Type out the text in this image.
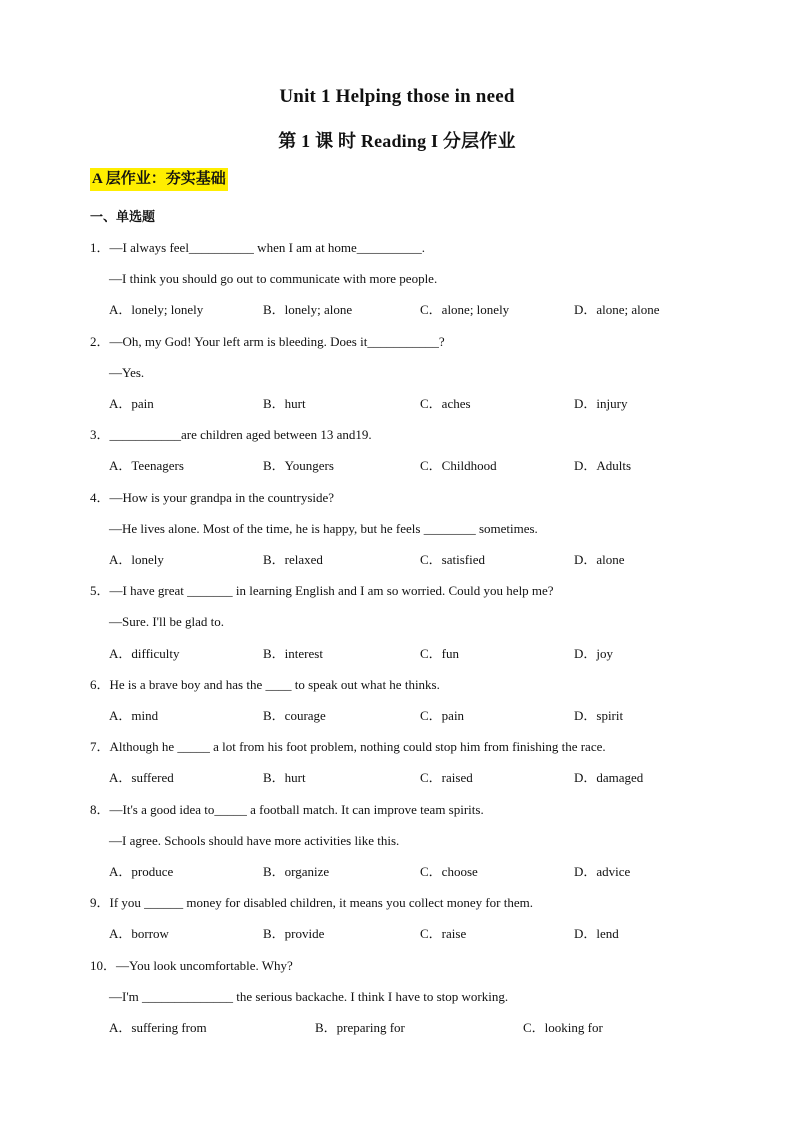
Unit 1 Helping those in need
第 1 课 时 Reading I 分层作业
A 层作业：夯实基础
一、单选题
1．—I always feel__________ when I am at home__________.
—I think you should go out to communicate with more people.
A．lonely; lonely	B．lonely; alone	C．alone; lonely	D．alone; alone
2．—Oh, my God! Your left arm is bleeding. Does it___________?
—Yes.
A．pain	B．hurt	C．aches	D．injury
3．___________are children aged between 13 and19.
A．Teenagers	B．Youngers	C．Childhood	D．Adults
4．—How is your grandpa in the countryside?
—He lives alone. Most of the time, he is happy, but he feels ________ sometimes.
A．lonely	B．relaxed	C．satisfied	D．alone
5．—I have great _______ in learning English and I am so worried. Could you help me?
—Sure. I'll be glad to.
A．difficulty	B．interest	C．fun	D．joy
6．He is a brave boy and has the ____ to speak out what he thinks.
A．mind	B．courage	C．pain	D．spirit
7．Although he _____ a lot from his foot problem, nothing could stop him from finishing the race.
A．suffered	B．hurt	C．raised	D．damaged
8．—It's a good idea to_____ a football match. It can improve team spirits.
—I agree. Schools should have more activities like this.
A．produce	B．organize	C．choose	D．advice
9．If you ______ money for disabled children, it means you collect money for them.
A．borrow	B．provide	C．raise	D．lend
10．—You look uncomfortable. Why?
—I'm ______________ the serious backache. I think I have to stop working.
A．suffering from	B．preparing for	C．looking for
